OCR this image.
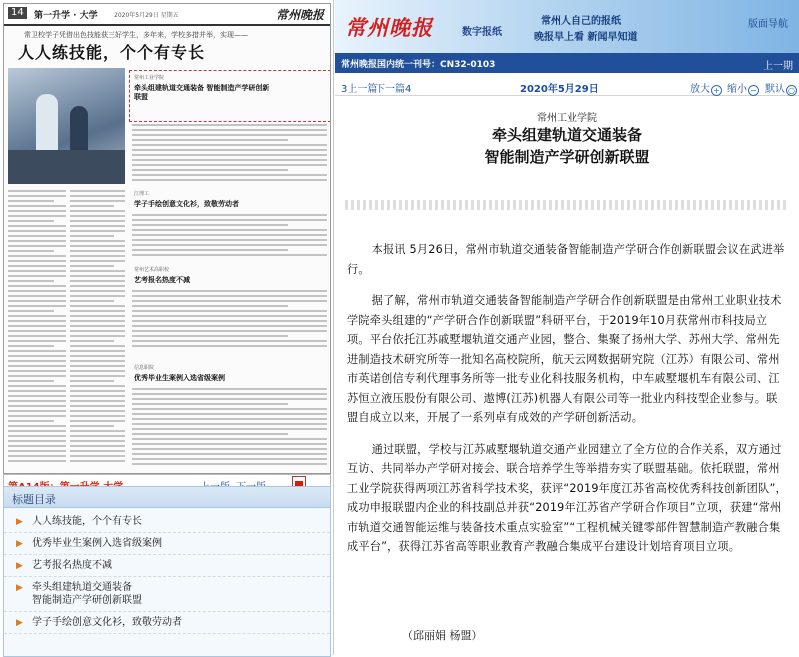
14	第一升学 · 大学	2020年5月29日 星期五	常州晚报
常卫校学子凭借出色技能获三好学生，多年来，学校多措并举，实现——
人人练技能，个个有专长
常州工业学院
牵头组建轨道交通装备 智能制造产学研创新联盟
江理工
学子手绘创意文化衫，致敬劳动者
常州艺术高职校
艺考报名热度不减
信息职院
优秀毕业生案例入选省级案例
标题目录
▶ 人人练技能，个个有专长
▶ 优秀毕业生案例入选省级案例
▶ 艺考报名热度不减
▶ 牵头组建轨道交通装备
智能制造产学研创新联盟
▶ 学子手绘创意文化衫，致敬劳动者
常州晚报	数字报纸
常州人自己的报纸
晚报早上看 新闻早知道
版面导航
常州晚报国内统一刊号：CN32-0103	上一期
3上一篇
下一篇4	2020年5月29日	放大 + 缩小 − 默认 ○
常州工业学院
牵头组建轨道交通装备
智能制造产学研创新联盟

本报讯 5月26日，常州市轨道交通装备智能制造产学研合作创新联盟会议在武进举行。

据了解，常州市轨道交通装备智能制造产学研合作创新联盟是由常州工业职业技术学院牵头组建的“产学研合作创新联盟”科研平台，于2019年10月获常州市科技局立项。平台依托江苏戚墅堰轨道交通产业园，整合、集聚了扬州大学、苏州大学、常州先进制造技术研究所等一批知名高校院所，航天云网数据研究院（江苏）有限公司、常州市英诺创信专利代理事务所等一批专业化科技服务机构，中车戚墅堰机车有限公司、江苏恒立液压股份有限公司、遨博(江苏)机器人有限公司等一批业内科技型企业参与。联盟自成立以来，开展了一系列卓有成效的产学研创新活动。

通过联盟，学校与江苏戚墅堰轨道交通产业园建立了全方位的合作关系，双方通过互访、共同举办产学研对接会、联合培养学生等举措夯实了联盟基础。依托联盟，常州工业学院获得两项江苏省科学技术奖，获评“2019年度江苏省高校优秀科技创新团队”，成功申报联盟内企业的科技副总并获“2019年江苏省产学研合作项目”立项，获建“常州市轨道交通智能运维与装备技术重点实验室”“工程机械关键零部件智慧制造产教融合集成平台”，获得江苏省高等职业教育产教融合集成平台建设计划培育项目立项。

（邱丽娟 杨盟）
